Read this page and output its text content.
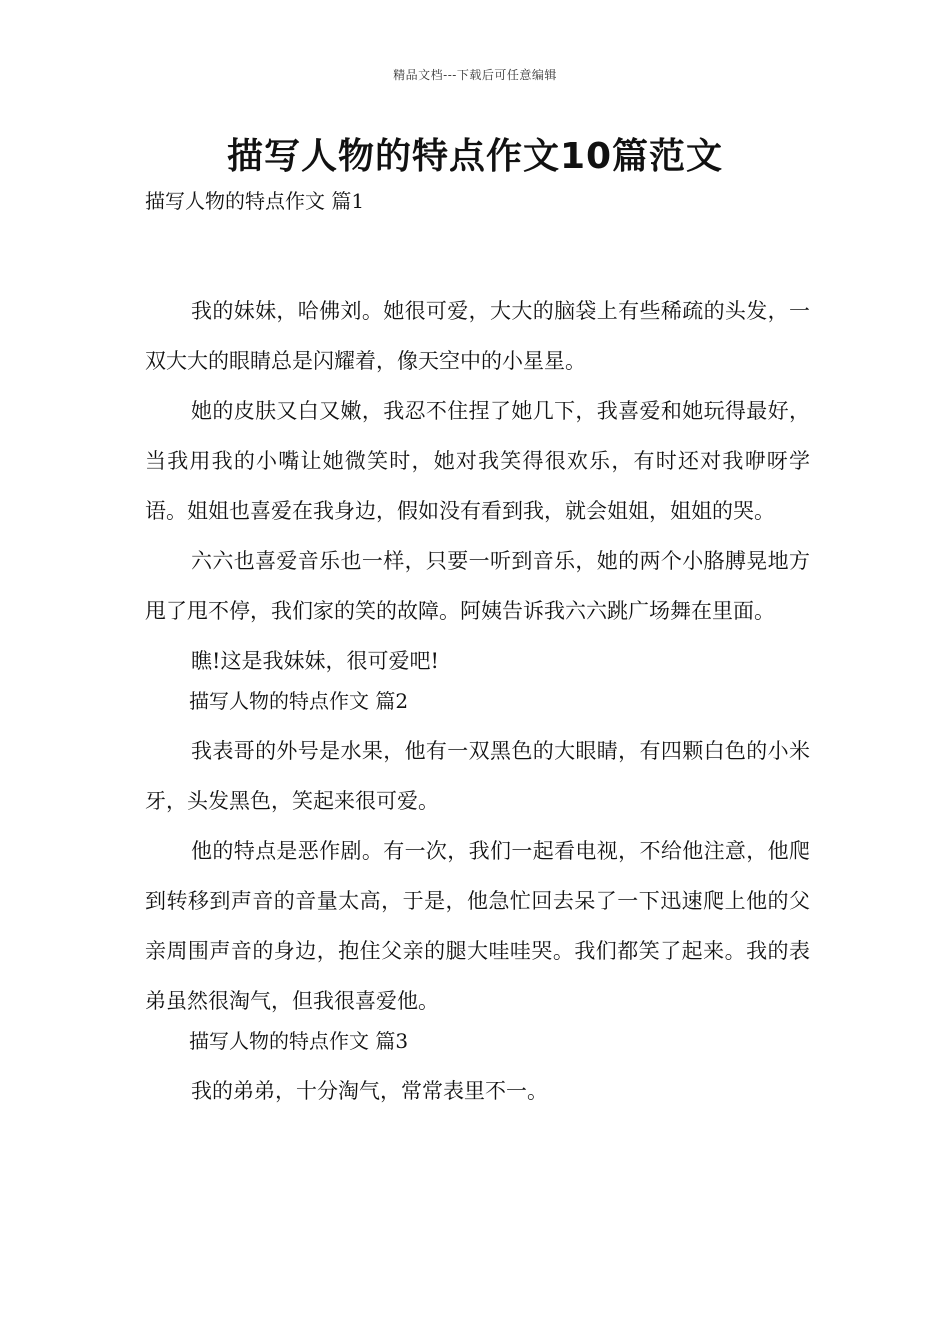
精品文档---下载后可任意编辑
描写人物的特点作文10篇范文

描写人物的特点作文 篇1

我的妹妹，哈佛刘。她很可爱，大大的脑袋上有些稀疏的头发，一双大大的眼睛总是闪耀着，像天空中的小星星。

她的皮肤又白又嫩，我忍不住捏了她几下，我喜爱和她玩得最好，当我用我的小嘴让她微笑时，她对我笑得很欢乐，有时还对我咿呀学语。姐姐也喜爱在我身边，假如没有看到我，就会姐姐，姐姐的哭。

六六也喜爱音乐也一样，只要一听到音乐，她的两个小胳膊晃地方甩了甩不停，我们家的笑的故障。阿姨告诉我六六跳广场舞在里面。

瞧!这是我妹妹，很可爱吧!

描写人物的特点作文 篇2

我表哥的外号是水果，他有一双黑色的大眼睛，有四颗白色的小米牙，头发黑色，笑起来很可爱。

他的特点是恶作剧。有一次，我们一起看电视，不给他注意，他爬到转移到声音的音量太高，于是，他急忙回去呆了一下迅速爬上他的父亲周围声音的身边，抱住父亲的腿大哇哇哭。我们都笑了起来。我的表弟虽然很淘气，但我很喜爱他。

描写人物的特点作文 篇3

我的弟弟，十分淘气，常常表里不一。
